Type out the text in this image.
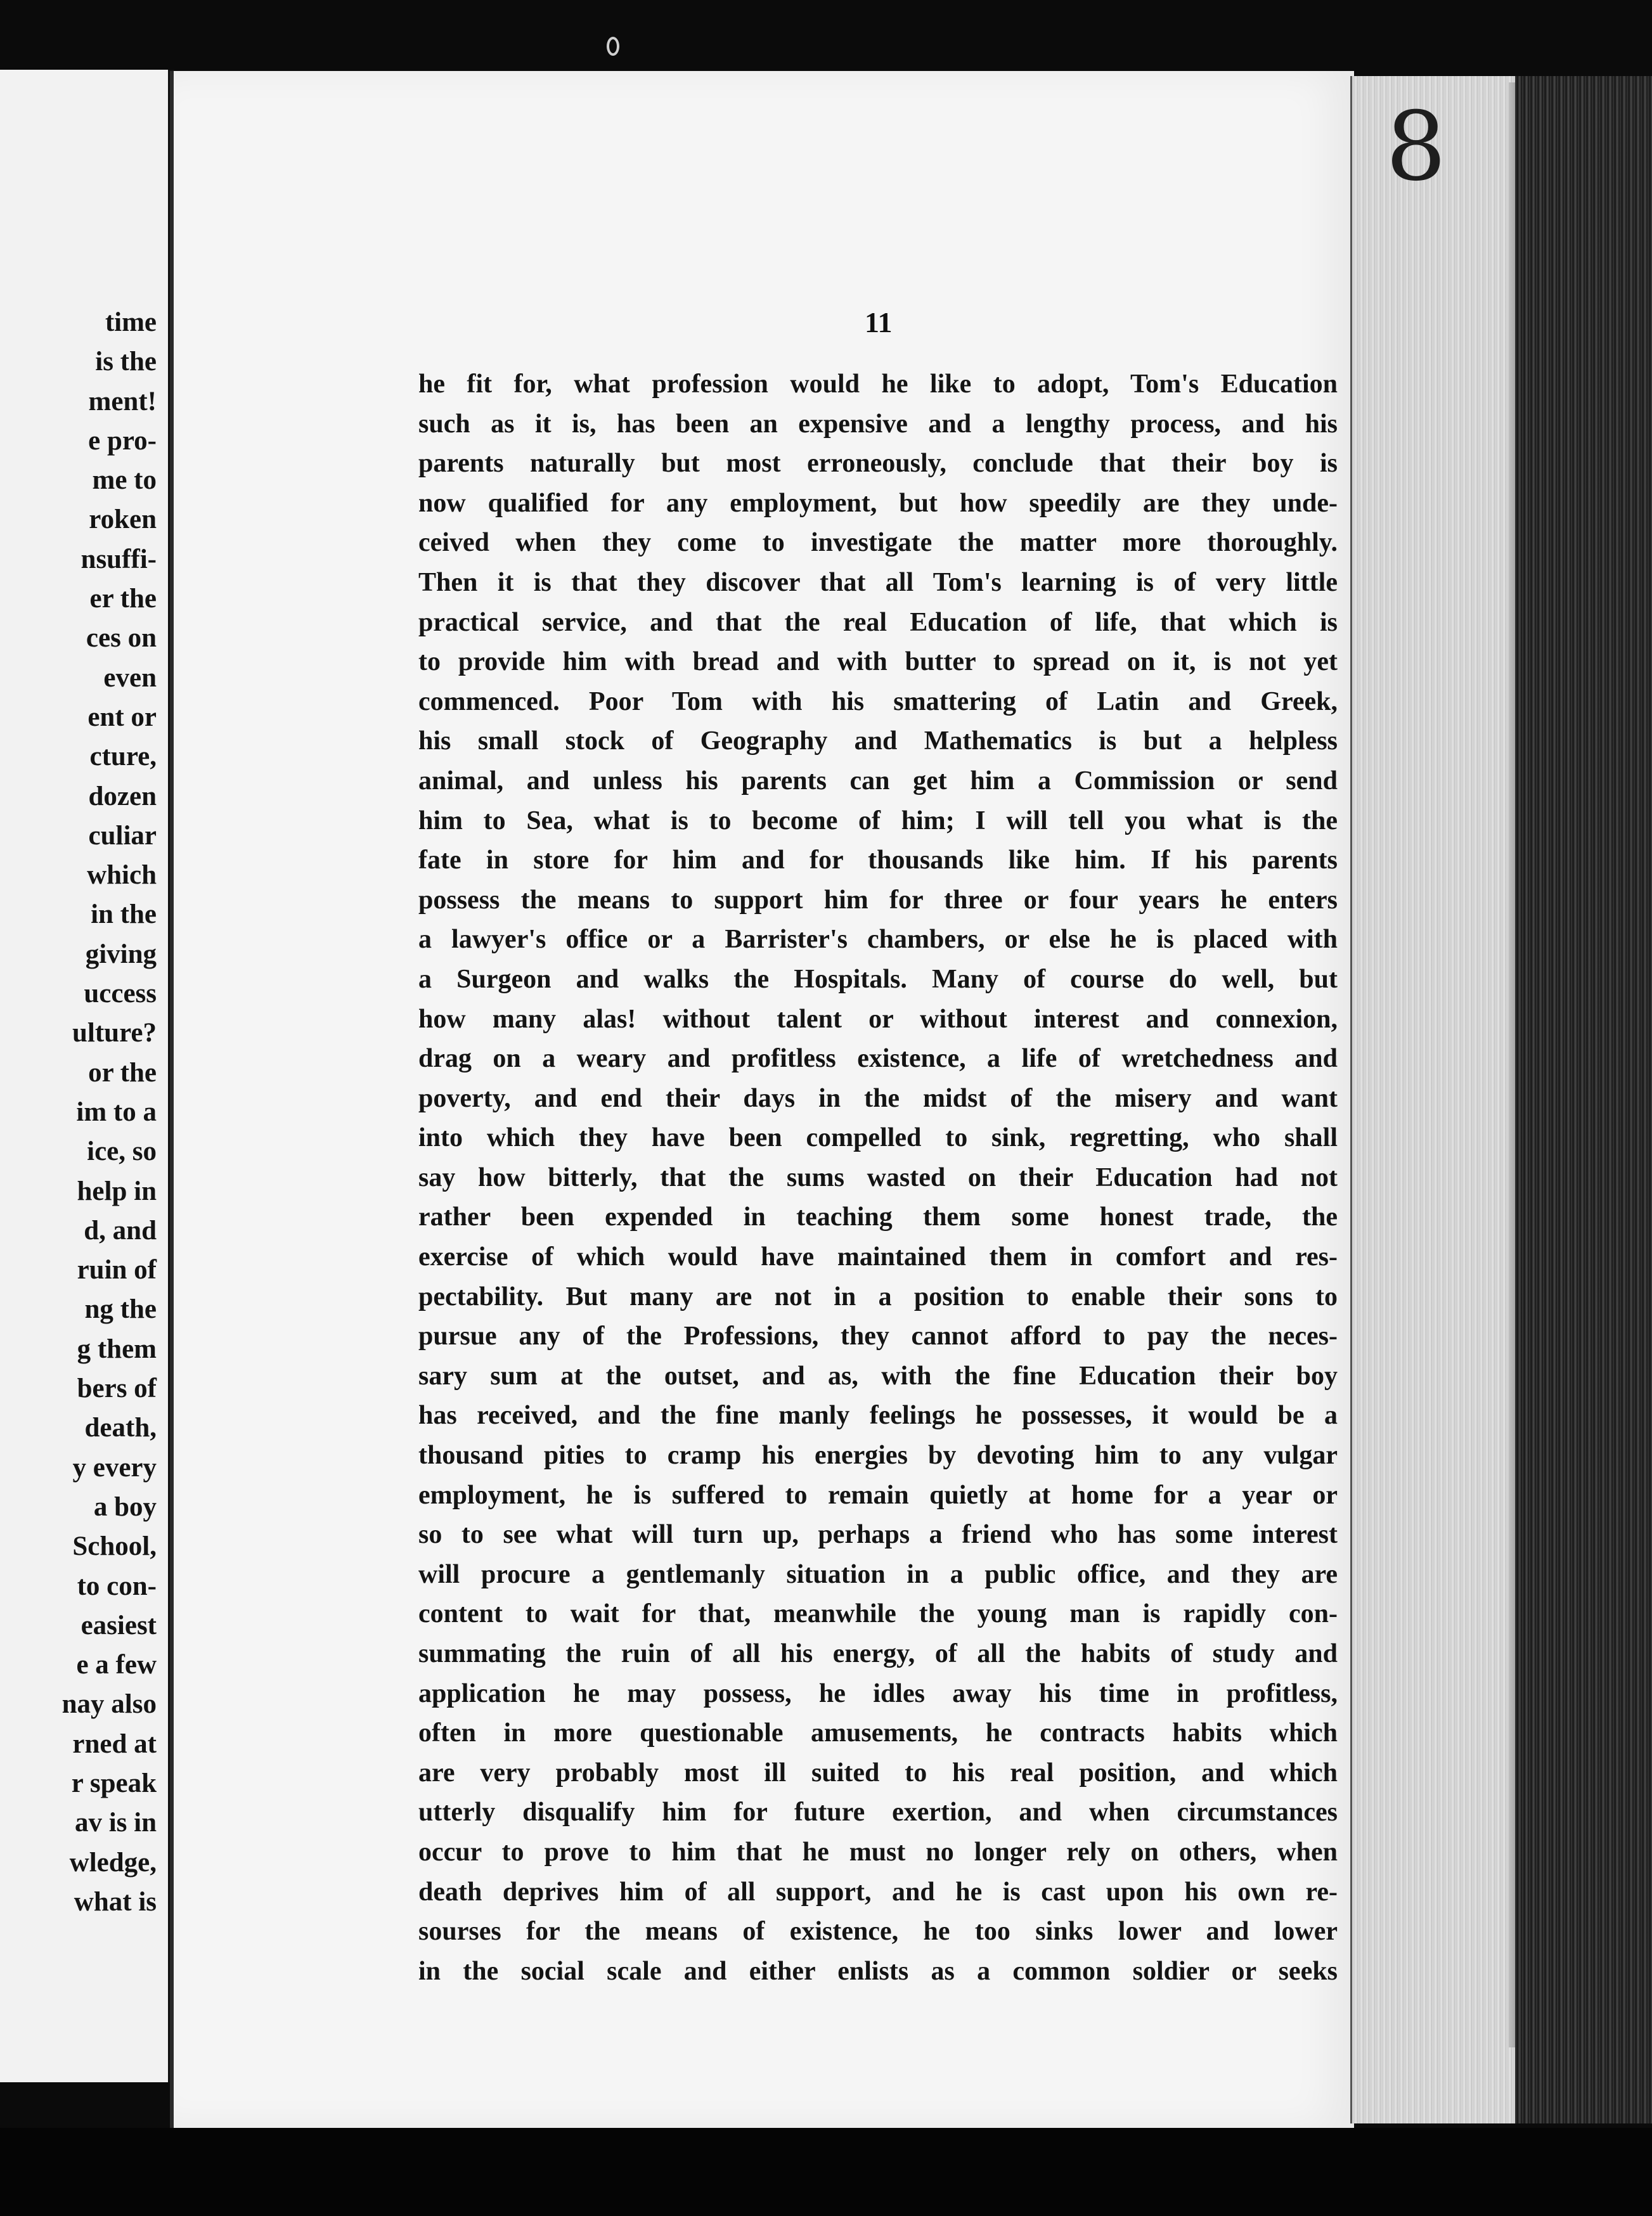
time
is the
ment!
e pro-
me to
roken
nsuffi-
er the
ces on
even
ent or
cture,
dozen
culiar
which
in the
giving
uccess
ulture?
or the
im to a
ice, so
help in
d, and
ruin of
ng the
g them
bers of
death,
y every
a boy
School,
to con-
easiest
e a few
nay also
rned at
r speak
av is in
wledge,
what is
11
he fit for, what profession would he like to adopt, Tom's Education
such as it is, has been an expensive and a lengthy process, and his
parents naturally but most erroneously, conclude that their boy is
now qualified for any employment, but how speedily are they unde-
ceived when they come to investigate the matter more thoroughly.
Then it is that they discover that all Tom's learning is of very little
practical service, and that the real Education of life, that which is
to provide him with bread and with butter to spread on it, is not yet
commenced. Poor Tom with his smattering of Latin and Greek,
his small stock of Geography and Mathematics is but a helpless
animal, and unless his parents can get him a Commission or send
him to Sea, what is to become of him; I will tell you what is the
fate in store for him and for thousands like him. If his parents
possess the means to support him for three or four years he enters
a lawyer's office or a Barrister's chambers, or else he is placed with
a Surgeon and walks the Hospitals. Many of course do well, but
how many alas! without talent or without interest and connexion,
drag on a weary and profitless existence, a life of wretchedness and
poverty, and end their days in the midst of the misery and want
into which they have been compelled to sink, regretting, who shall
say how bitterly, that the sums wasted on their Education had not
rather been expended in teaching them some honest trade, the
exercise of which would have maintained them in comfort and res-
pectability. But many are not in a position to enable their sons to
pursue any of the Professions, they cannot afford to pay the neces-
sary sum at the outset, and as, with the fine Education their boy
has received, and the fine manly feelings he possesses, it would be a
thousand pities to cramp his energies by devoting him to any vulgar
employment, he is suffered to remain quietly at home for a year or
so to see what will turn up, perhaps a friend who has some interest
will procure a gentlemanly situation in a public office, and they are
content to wait for that, meanwhile the young man is rapidly con-
summating the ruin of all his energy, of all the habits of study and
application he may possess, he idles away his time in profitless,
often in more questionable amusements, he contracts habits which
are very probably most ill suited to his real position, and which
utterly disqualify him for future exertion, and when circumstances
occur to prove to him that he must no longer rely on others, when
death deprives him of all support, and he is cast upon his own re-
sourses for the means of existence, he too sinks lower and lower
in the social scale and either enlists as a common soldier or seeks
8
